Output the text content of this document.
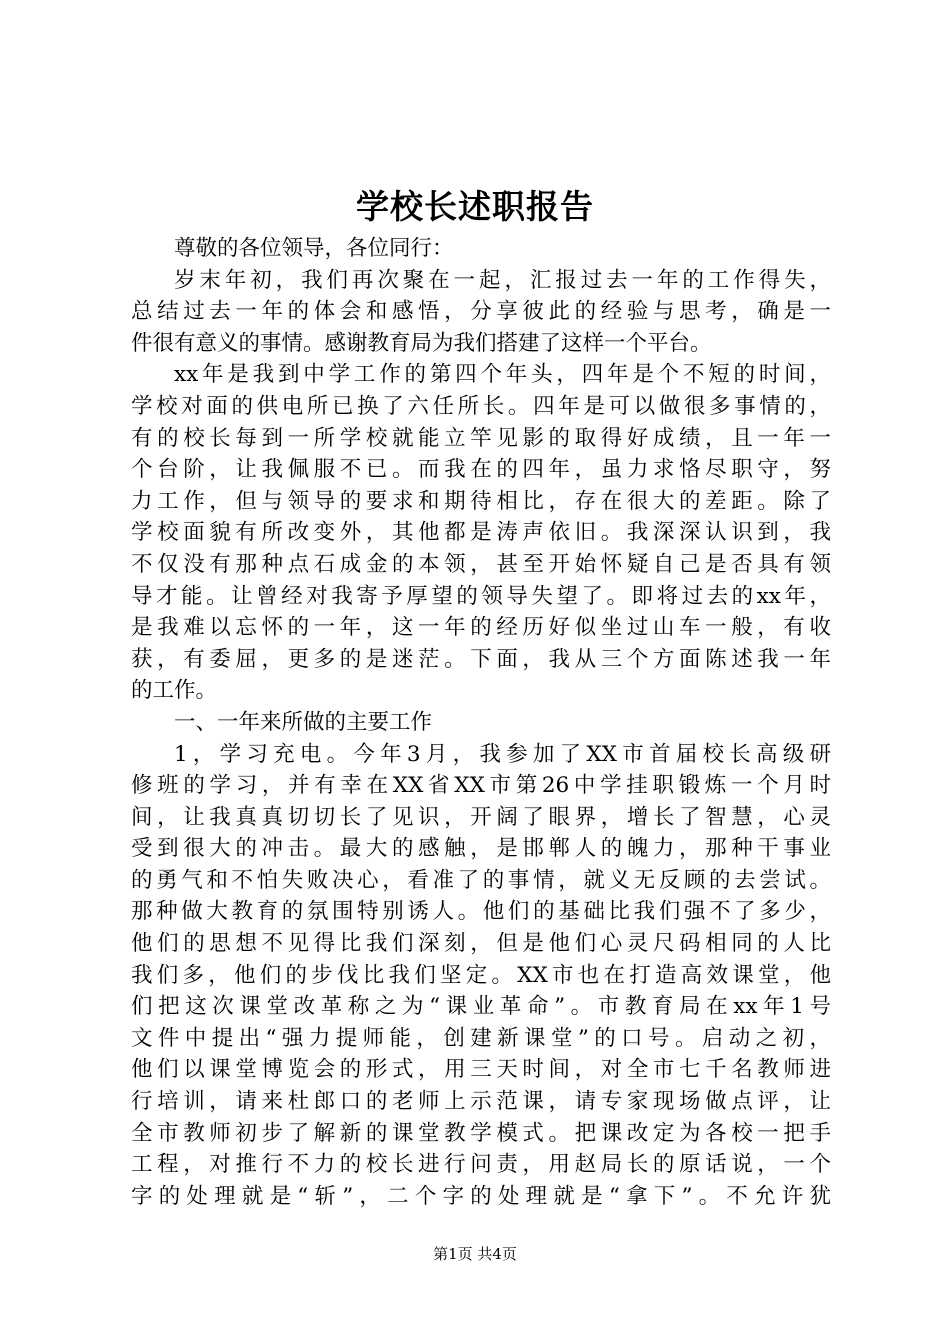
学校长述职报告
尊敬的各位领导，各位同行：
岁末年初，我们再次聚在一起，汇报过去一年的工作得失，
总结过去一年的体会和感悟，分享彼此的经验与思考，确是一
件很有意义的事情。感谢教育局为我们搭建了这样一个平台。
xx年是我到中学工作的第四个年头，四年是个不短的时间，
学校对面的供电所已换了六任所长。四年是可以做很多事情的，
有的校长每到一所学校就能立竿见影的取得好成绩，且一年一
个台阶，让我佩服不已。而我在的四年，虽力求恪尽职守，努
力工作，但与领导的要求和期待相比，存在很大的差距。除了
学校面貌有所改变外，其他都是涛声依旧。我深深认识到，我
不仅没有那种点石成金的本领，甚至开始怀疑自己是否具有领
导才能。让曾经对我寄予厚望的领导失望了。即将过去的xx年，
是我难以忘怀的一年，这一年的经历好似坐过山车一般，有收
获，有委屈，更多的是迷茫。下面，我从三个方面陈述我一年
的工作。
一、一年来所做的主要工作
1，学习充电。今年3月，我参加了XX市首届校长高级研
修班的学习，并有幸在XX省XX市第26中学挂职锻炼一个月时
间，让我真真切切长了见识，开阔了眼界，增长了智慧，心灵
受到很大的冲击。最大的感触，是邯郸人的魄力，那种干事业
的勇气和不怕失败决心，看准了的事情，就义无反顾的去尝试。
那种做大教育的氛围特别诱人。他们的基础比我们强不了多少，
他们的思想不见得比我们深刻，但是他们心灵尺码相同的人比
我们多，他们的步伐比我们坚定。XX市也在打造高效课堂，他
们把这次课堂改革称之为“课业革命”。市教育局在xx年1号
文件中提出“强力提师能，创建新课堂”的口号。启动之初，
他们以课堂博览会的形式，用三天时间，对全市七千名教师进
行培训，请来杜郎口的老师上示范课，请专家现场做点评，让
全市教师初步了解新的课堂教学模式。把课改定为各校一把手
工程，对推行不力的校长进行问责，用赵局长的原话说，一个
字的处理就是“斩”，二个字的处理就是“拿下”。不允许犹
第1页 共4页
